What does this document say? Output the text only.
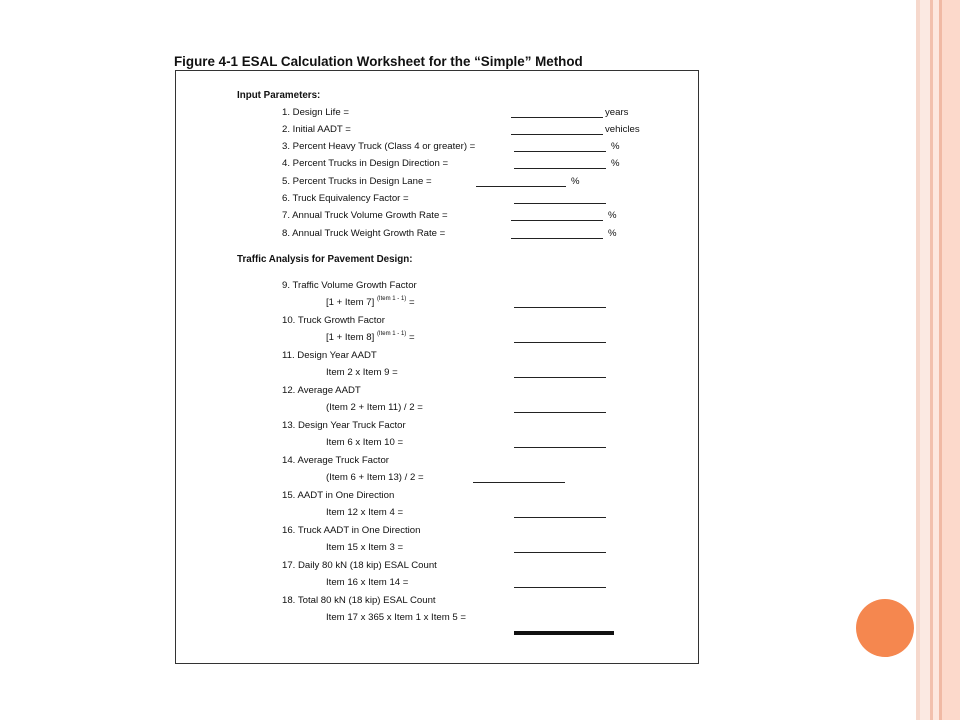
Figure 4-1 ESAL Calculation Worksheet for the “Simple” Method

Input Parameters:

1. Design Life =	years

2. Initial AADT =	vehicles

3. Percent Heavy Truck (Class 4 or greater) =	%

4. Percent Trucks in Design Direction =	%

5. Percent Trucks in Design Lane =	%

6. Truck Equivalency Factor =

7. Annual Truck Volume Growth Rate =	%

8. Annual Truck Weight Growth Rate =	%

Traffic Analysis for Pavement Design:

9. Traffic Volume Growth Factor

[1 + Item 7] $^{(Item 1 - 1)}$ =

10. Truck Growth Factor

[1 + Item 8] $^{(Item 1 - 1)}$ =

11. Design Year AADT

Item 2 x Item 9 =

12. Average AADT

(Item 2 + Item 11) / 2 =

13. Design Year Truck Factor

Item 6 x Item 10 =

14. Average Truck Factor

(Item 6 + Item 13) / 2 =

15. AADT in One Direction

Item 12 x Item 4 =

16. Truck AADT in One Direction

Item 15 x Item 3 =

17. Daily 80 kN (18 kip) ESAL Count

Item 16 x Item 14 =

18. Total 80 kN (18 kip) ESAL Count

Item 17 x 365 x Item 1 x Item 5 =
